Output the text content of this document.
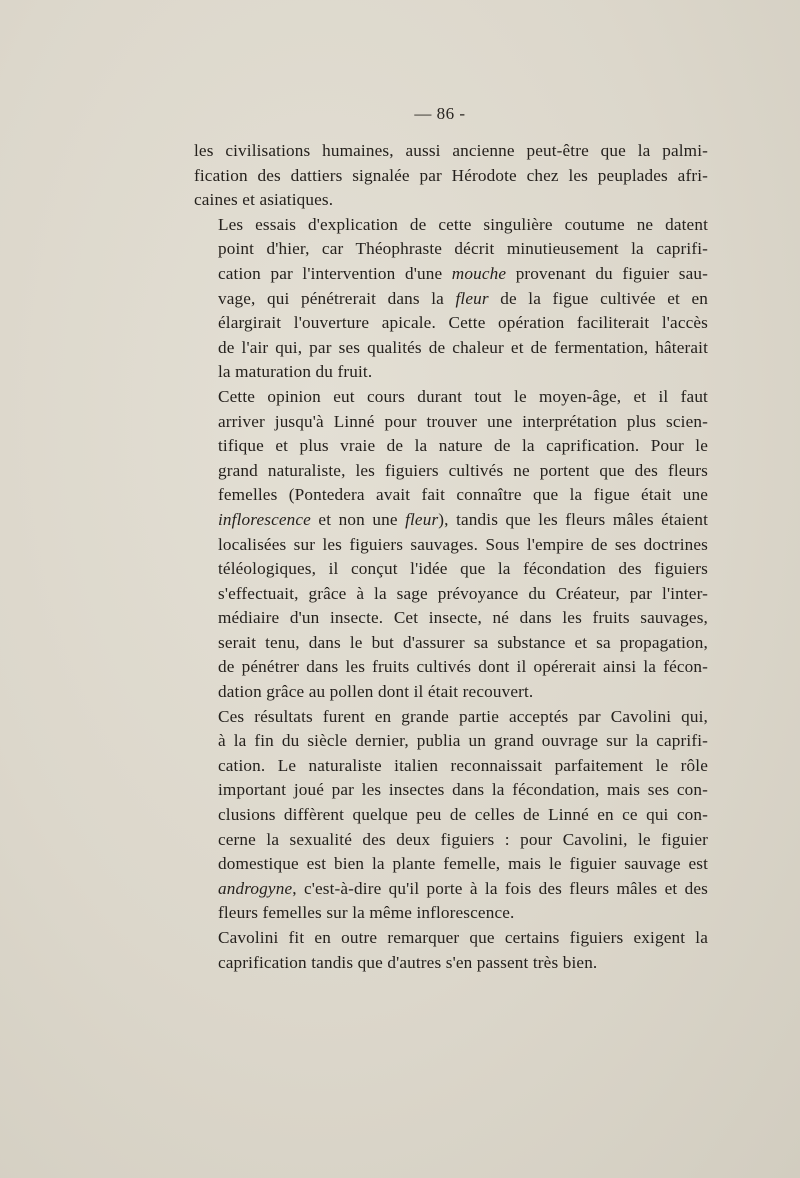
— 86 -

les civilisations humaines, aussi ancienne peut-être que la palmi-
fication des dattiers signalée par Hérodote chez les peuplades afri-
caines et asiatiques.

Les essais d'explication de cette singulière coutume ne datent
point d'hier, car Théophraste décrit minutieusement la caprifi-
cation par l'intervention d'une mouche provenant du figuier sau-
vage, qui pénétrerait dans la fleur de la figue cultivée et en
élargirait l'ouverture apicale. Cette opération faciliterait l'accès
de l'air qui, par ses qualités de chaleur et de fermentation, hâterait
la maturation du fruit.

Cette opinion eut cours durant tout le moyen-âge, et il faut
arriver jusqu'à Linné pour trouver une interprétation plus scien-
tifique et plus vraie de la nature de la caprification. Pour le
grand naturaliste, les figuiers cultivés ne portent que des fleurs
femelles (Pontedera avait fait connaître que la figue était une
inflorescence et non une fleur), tandis que les fleurs mâles étaient
localisées sur les figuiers sauvages. Sous l'empire de ses doctrines
téléologiques, il conçut l'idée que la fécondation des figuiers
s'effectuait, grâce à la sage prévoyance du Créateur, par l'inter-
médiaire d'un insecte. Cet insecte, né dans les fruits sauvages,
serait tenu, dans le but d'assurer sa substance et sa propagation,
de pénétrer dans les fruits cultivés dont il opérerait ainsi la fécon-
dation grâce au pollen dont il était recouvert.

Ces résultats furent en grande partie acceptés par Cavolini qui,
à la fin du siècle dernier, publia un grand ouvrage sur la caprifi-
cation. Le naturaliste italien reconnaissait parfaitement le rôle
important joué par les insectes dans la fécondation, mais ses con-
clusions diffèrent quelque peu de celles de Linné en ce qui con-
cerne la sexualité des deux figuiers : pour Cavolini, le figuier
domestique est bien la plante femelle, mais le figuier sauvage est
androgyne, c'est-à-dire qu'il porte à la fois des fleurs mâles et des
fleurs femelles sur la même inflorescence.

Cavolini fit en outre remarquer que certains figuiers exigent la
caprification tandis que d'autres s'en passent très bien.
